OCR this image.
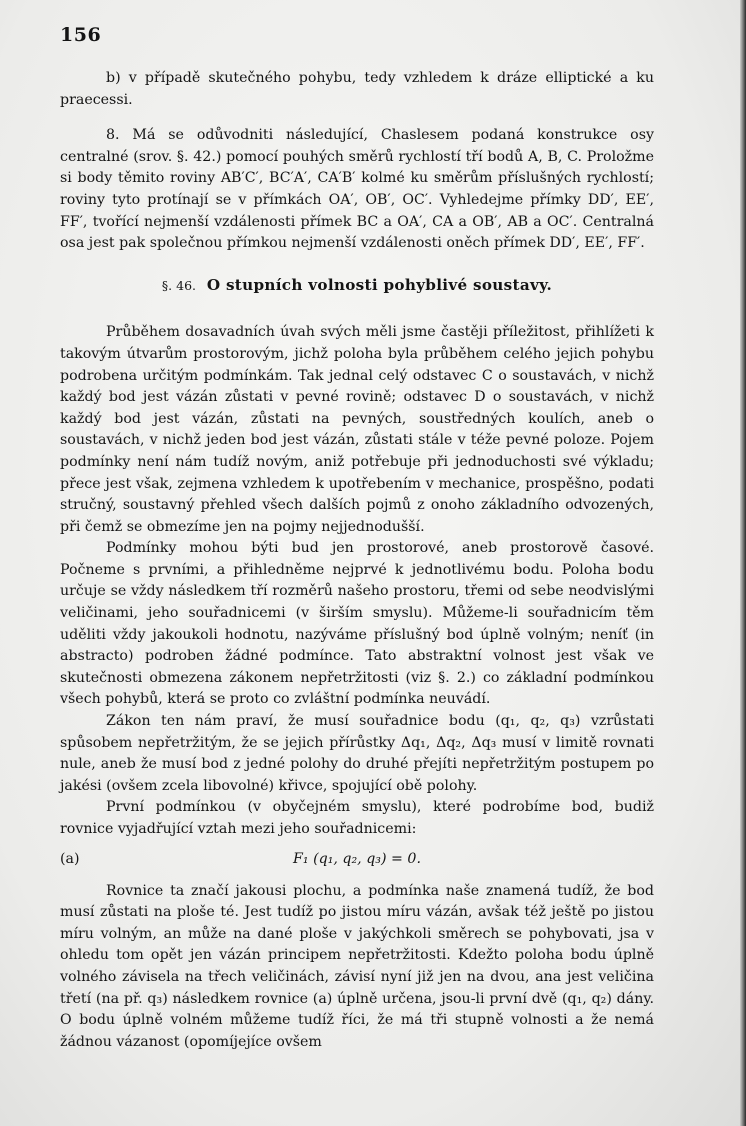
156

b) v případě skutečného pohybu, tedy vzhledem k dráze elliptické a ku praecessi.

8. Má se odůvodniti následující, Chaslesem podaná konstrukce osy centralné (srov. §. 42.) pomocí pouhých směrů rychlostí tří bodů A, B, C. Proložme si body těmito roviny AB′C′, BC′A′, CA′B′ kolmé ku směrům příslušných rychlostí; roviny tyto protínají se v přímkách OA′, OB′, OC′. Vyhledejme přímky DD′, EE′, FF′, tvořící nejmenší vzdálenosti přímek BC a OA′, CA a OB′, AB a OC′. Centralná osa jest pak společnou přímkou nejmenší vzdálenosti oněch přímek DD′, EE′, FF′.

§. 46. O stupních volnosti pohyblivé soustavy.

Průběhem dosavadních úvah svých měli jsme častěji příležitost, přihlížeti k takovým útvarům prostorovým, jichž poloha byla průběhem celého jejich pohybu podrobena určitým podmínkám. Tak jednal celý odstavec C o soustavách, v nichž každý bod jest vázán zůstati v pevné rovině; odstavec D o soustavách, v nichž každý bod jest vázán, zůstati na pevných, soustředných koulích, aneb o soustavách, v nichž jeden bod jest vázán, zůstati stále v téže pevné poloze. Pojem podmínky není nám tudíž novým, aniž potřebuje při jednoduchosti své výkladu; přece jest však, zejmena vzhledem k upotřebením v mechanice, prospěšno, podati stručný, soustavný přehled všech dalších pojmů z onoho základního odvozených, při čemž se obmezíme jen na pojmy nejjednodušší.

Podmínky mohou býti bud jen prostorové, aneb prostorově časové. Počneme s prvními, a přihledněme nejprvé k jednotlivému bodu. Poloha bodu určuje se vždy následkem tří rozměrů našeho prostoru, třemi od sebe neodvislými veličinami, jeho souřadnicemi (v širším smyslu). Můžeme-li souřadnicím těm uděliti vždy jakoukoli hodnotu, nazýváme příslušný bod úplně volným; neníť (in abstracto) podroben žádné podmínce. Tato abstraktní volnost jest však ve skutečnosti obmezena zákonem nepřetržitosti (viz §. 2.) co základní podmínkou všech pohybů, která se proto co zvláštní podmínka neuvádí.

Zákon ten nám praví, že musí souřadnice bodu (q₁, q₂, q₃) vzrůstati spůsobem nepřetržitým, že se jejich přírůstky Δq₁, Δq₂, Δq₃ musí v limitě rovnati nule, aneb že musí bod z jedné polohy do druhé přejíti nepřetržitým postupem po jakési (ovšem zcela libovolné) křivce, spojující obě polohy.

První podmínkou (v obyčejném smyslu), které podrobíme bod, budiž rovnice vyjadřující vztah mezi jeho souřadnicemi:

(a)	F₁ (q₁, q₂, q₃) = 0.

Rovnice ta značí jakousi plochu, a podmínka naše znamená tudíž, že bod musí zůstati na ploše té. Jest tudíž po jistou míru vázán, avšak též ještě po jistou míru volným, an může na dané ploše v jakýchkoli směrech se pohybovati, jsa v ohledu tom opět jen vázán principem nepřetržitosti. Kdežto poloha bodu úplně volného závisela na třech veličinách, závisí nyní již jen na dvou, ana jest veličina třetí (na př. q₃) následkem rovnice (a) úplně určena, jsou-li první dvě (q₁, q₂) dány. O bodu úplně volném můžeme tudíž říci, že má tři stupně volnosti a že nemá žádnou vázanost (opomíjejíce ovšem
